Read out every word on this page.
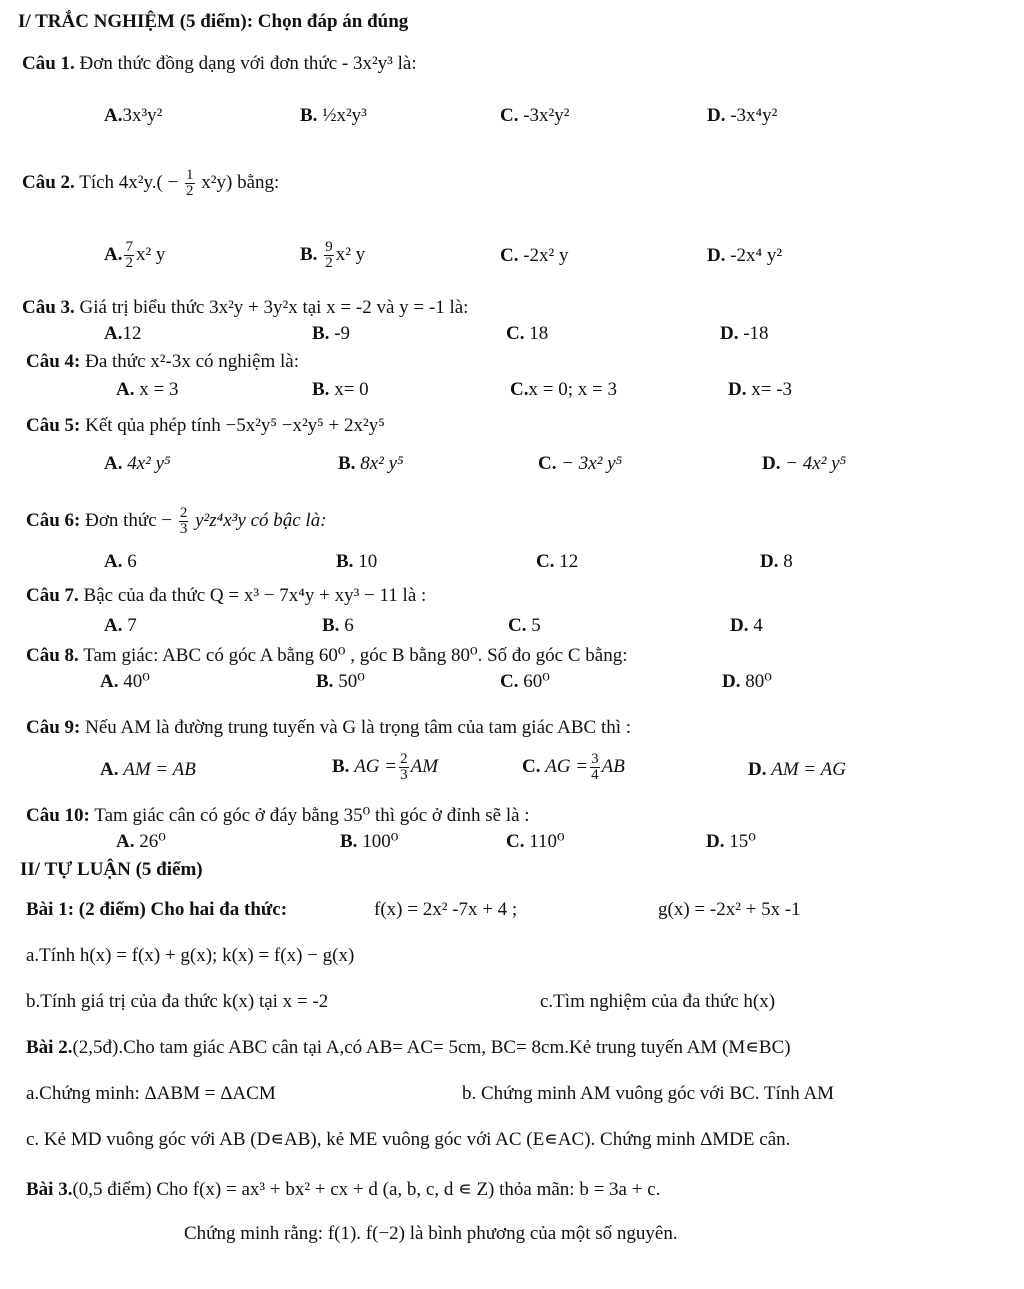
I/ TRẮC NGHIỆM (5 điểm): Chọn đáp án đúng
Câu 1. Đơn thức đồng dạng với đơn thức - 3x²y³ là:
A.3x³y²	B. ½x²y³	C. -3x²y²	D. -3x⁴y²
Câu 2. Tích $4x^2y.( - \frac{1}{2} x^2y)$ bằng:
A. $\frac{7}{2} x^2$ y	B. $\frac{9}{2} x^2$ y	C. -2x² y	D. -2x⁴ y²
Câu 3. Giá trị biểu thức 3x²y + 3y²x tại x = -2 và y = -1 là:
A.12	B. -9	C. 18	D. -18
Câu 4: Đa thức x²-3x có nghiệm là:
A. x = 3	B. x= 0	C.x = 0; x = 3	D. x= -3
Câu 5: Kết qủa phép tính −5x²y⁵ −x²y⁵ + 2x²y⁵
A. 4x² y⁵	B. 8x² y⁵	C. − 3x² y⁵	D. − 4x² y⁵
Câu 6: Đơn thức − $\frac{2}{3} y^2z^4x^3y$ có bậc là:
A. 6	B. 10	C. 12	D. 8
Câu 7. Bậc của đa thức Q = x³ − 7x⁴y + xy³ − 11 là :
A. 7	B. 6	C. 5	D. 4
Câu 8. Tam giác: ABC có góc A bằng 60⁰ , góc B bằng 80⁰. Số đo góc C bằng:
A. 40⁰	B. 50⁰	C. 60⁰	D. 80⁰
Câu 9: Nếu AM là đường trung tuyến và G là trọng tâm của tam giác ABC thì :
A. AM = AB	B. AG = $\frac{2}{3}$ AM	C. AG = $\frac{3}{4}$ AB	D. AM = AG
Câu 10: Tam giác cân có góc ở đáy bằng 35⁰ thì góc ở đỉnh sẽ là :
A. 26⁰	B. 100⁰	C. 110⁰	D. 15⁰
II/ TỰ LUẬN (5 điểm)
Bài 1: (2 điểm) Cho hai đa thức:	f(x) = 2x² -7x + 4 ;	g(x) = -2x² + 5x -1
a.Tính h(x) = f(x) + g(x); k(x) = f(x) − g(x)
b.Tính giá trị của đa thức k(x) tại x = -2	c.Tìm nghiệm của đa thức h(x)
Bài 2.(2,5đ).Cho tam giác ABC cân tại A,có AB= AC= 5cm, BC= 8cm.Kẻ trung tuyến AM (M∊BC)
a.Chứng minh: ΔABM = ΔACM	b. Chứng minh AM vuông góc với BC. Tính AM
c. Kẻ MD vuông góc với AB (D∊AB), kẻ ME vuông góc với AC (E∊AC). Chứng minh ΔMDE cân.
Bài 3.(0,5 điểm) Cho f(x) = ax³ + bx² + cx + d (a, b, c, d ∊ Z) thỏa mãn: b = 3a + c.
Chứng minh rằng: f(1). f(−2) là bình phương của một số nguyên.
